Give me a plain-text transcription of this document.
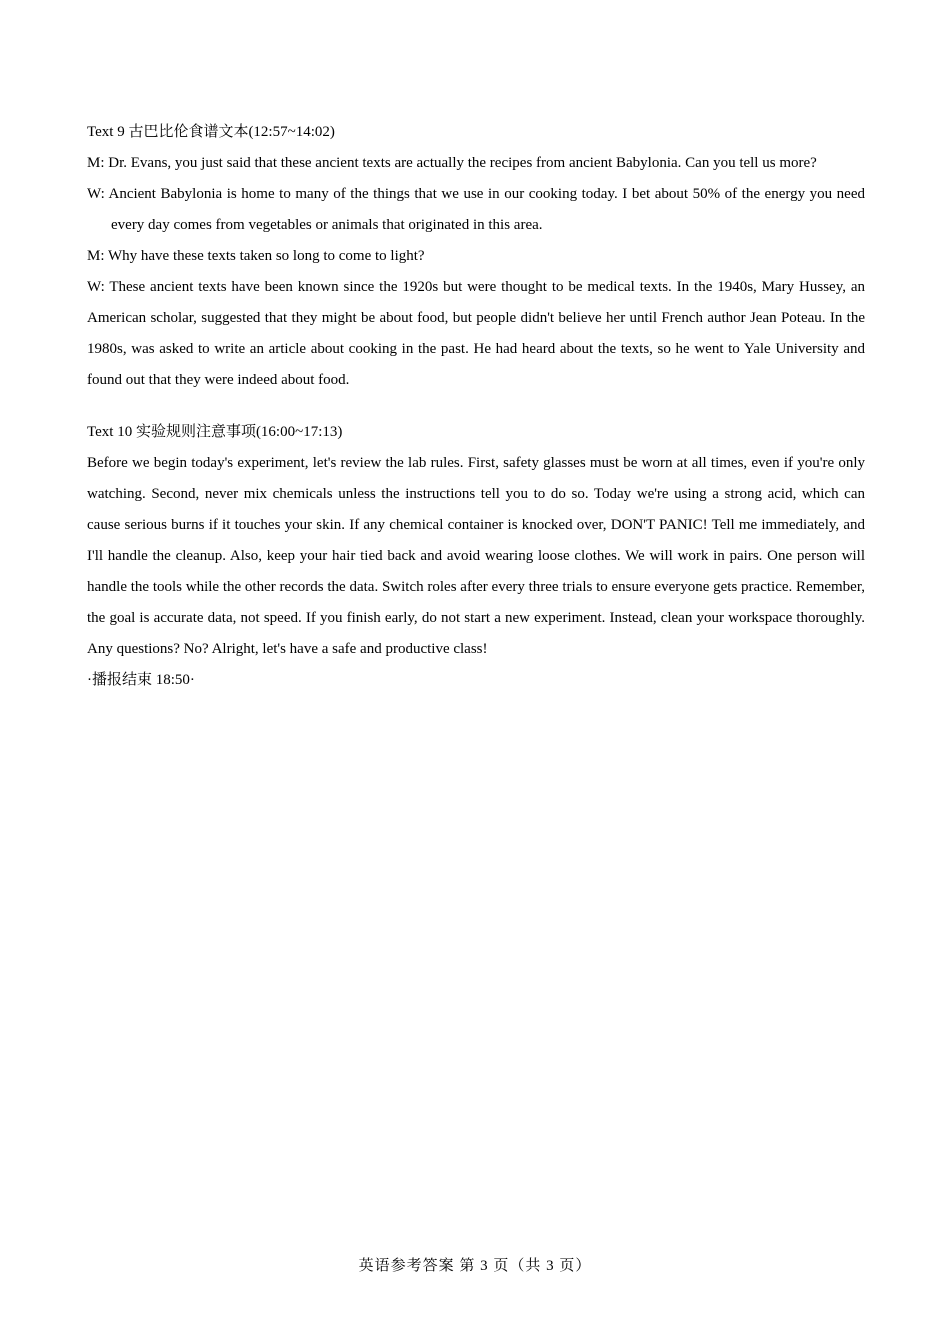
Text 9 古巴比伦食谱文本(12:57~14:02)

M: Dr. Evans, you just said that these ancient texts are actually the recipes from ancient Babylonia. Can you tell us more?

W: Ancient Babylonia is home to many of the things that we use in our cooking today. I bet about 50% of the energy you need every day comes from vegetables or animals that originated in this area.

M: Why have these texts taken so long to come to light?

W: These ancient texts have been known since the 1920s but were thought to be medical texts. In the 1940s, Mary Hussey, an American scholar, suggested that they might be about food, but people didn't believe her until French author Jean Poteau. In the 1980s, was asked to write an article about cooking in the past. He had heard about the texts, so he went to Yale University and found out that they were indeed about food.

Text 10 实验规则注意事项(16:00~17:13)

Before we begin today's experiment, let's review the lab rules. First, safety glasses must be worn at all times, even if you're only watching. Second, never mix chemicals unless the instructions tell you to do so. Today we're using a strong acid, which can cause serious burns if it touches your skin. If any chemical container is knocked over, DON'T PANIC! Tell me immediately, and I'll handle the cleanup. Also, keep your hair tied back and avoid wearing loose clothes. We will work in pairs. One person will handle the tools while the other records the data. Switch roles after every three trials to ensure everyone gets practice. Remember, the goal is accurate data, not speed. If you finish early, do not start a new experiment. Instead, clean your workspace thoroughly. Any questions? No? Alright, let's have a safe and productive class!

·播报结束 18:50·
英语参考答案 第 3 页（共 3 页）
